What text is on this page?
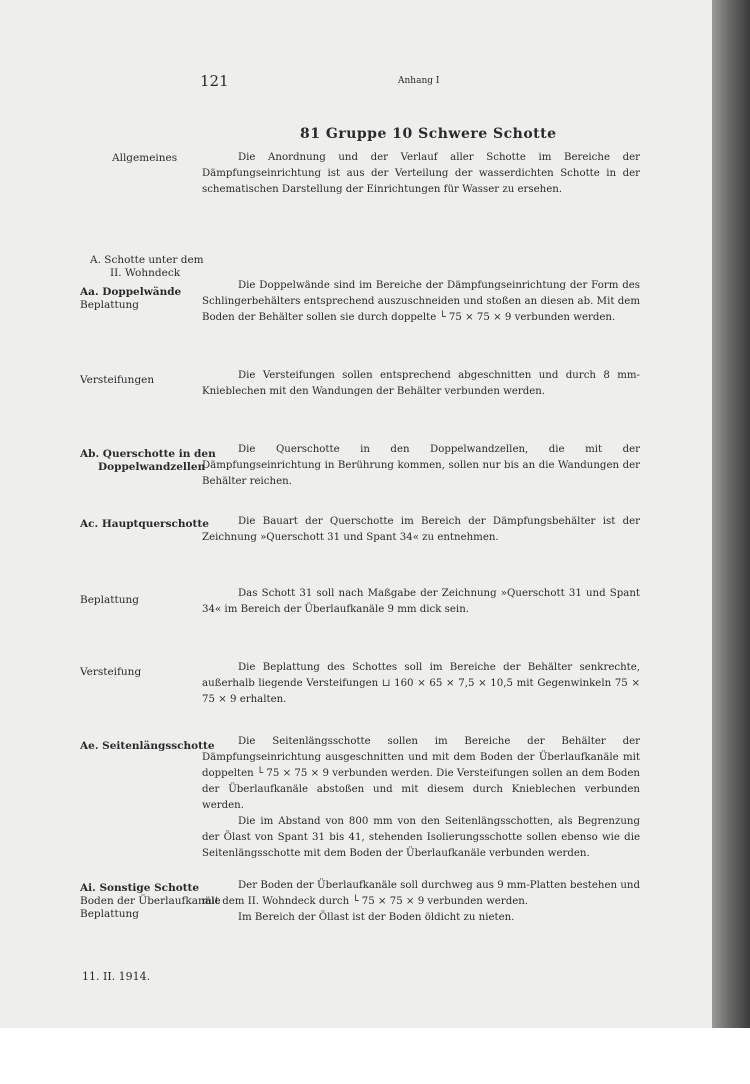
121	Anhang I
81 Gruppe 10 Schwere Schotte
Allgemeines	Die Anordnung und der Verlauf aller Schotte im Bereiche der Dämpfungseinrichtung ist aus der Verteilung der wasserdichten Schotte in der schematischen Darstellung der Einrichtungen für Wasser zu ersehen.
A. Schotte unter dem
II. Wohndeck
Aa. Doppelwände
Beplattung
Die Doppelwände sind im Bereiche der Dämpfungseinrichtung der Form des Schlingerbehälters entsprechend auszuschneiden und stoßen an diesen ab. Mit dem Boden der Behälter sollen sie durch doppelte └ 75 × 75 × 9 verbunden werden.
Versteifungen	Die Versteifungen sollen entsprechend abgeschnitten und durch 8 mm-Knieblechen mit den Wandungen der Behälter verbunden werden.
Ab. Querschotte in den
Doppelwandzellen
Die Querschotte in den Doppelwandzellen, die mit der Dämpfungseinrichtung in Berührung kommen, sollen nur bis an die Wandungen der Behälter reichen.
Ac. Hauptquerschotte	Die Bauart der Querschotte im Bereich der Dämpfungsbehälter ist der Zeichnung »Querschott 31 und Spant 34« zu entnehmen.
Beplattung
Das Schott 31 soll nach Maßgabe der Zeichnung »Querschott 31 und Spant 34« im Bereich der Überlaufkanäle 9 mm dick sein.
Versteifung	Die Beplattung des Schottes soll im Bereiche der Behälter senkrechte, außerhalb liegende Versteifungen ⊔ 160 × 65 × 7,5 × 10,5 mit Gegenwinkeln 75 × 75 × 9 erhalten.
Ae. Seitenlängsschotte	Die Seitenlängsschotte sollen im Bereiche der Behälter der Dämpfungseinrichtung ausgeschnitten und mit dem Boden der Überlaufkanäle mit doppelten └ 75 × 75 × 9 verbunden werden. Die Versteifungen sollen an dem Boden der Überlaufkanäle abstoßen und mit diesem durch Knieblechen verbunden werden.
Die im Abstand von 800 mm von den Seitenlängsschotten, als Begrenzung der Ölast von Spant 31 bis 41, stehenden Isolierungsschotte sollen ebenso wie die Seitenlängsschotte mit dem Boden der Überlaufkanäle verbunden werden.
Ai. Sonstige Schotte
Boden der Überlaufkanäle
Beplattung
Der Boden der Überlaufkanäle soll durchweg aus 9 mm-Platten bestehen und mit dem II. Wohndeck durch └ 75 × 75 × 9 verbunden werden.
Im Bereich der Öllast ist der Boden öldicht zu nieten.
11. II. 1914.
